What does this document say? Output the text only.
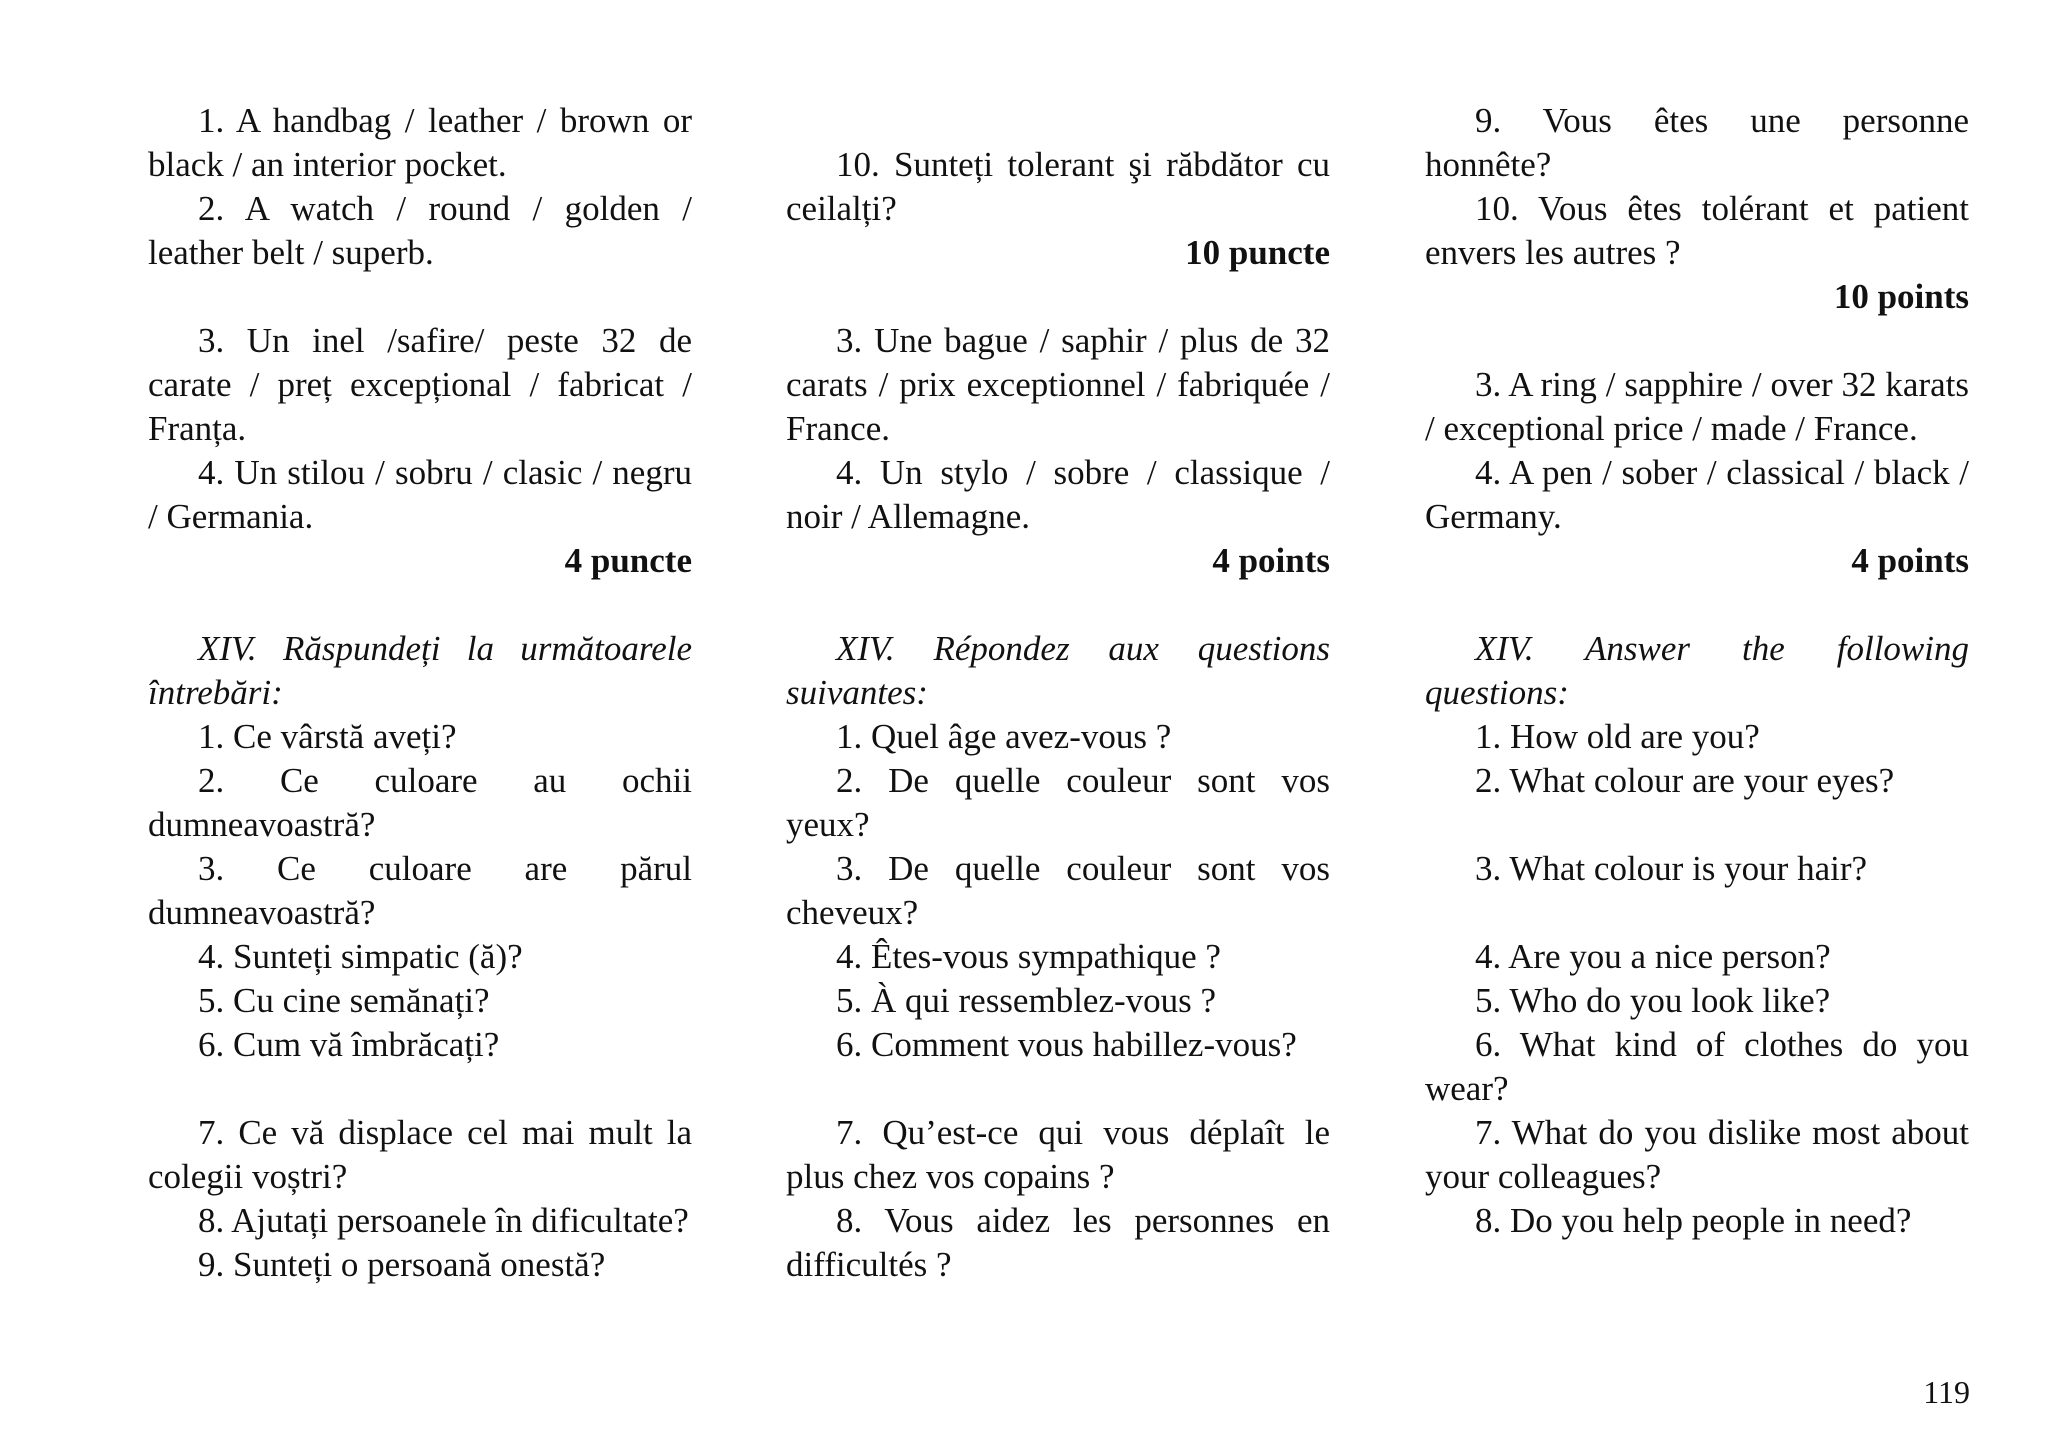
1. A handbag / leather / brown or black / an interior pocket.

2. A watch / round / golden / leather belt / superb.

3. Un inel /safire/ peste 32 de carate / preț excepțional / fabricat / Franța.

4. Un stilou / sobru / clasic / negru / Germania.

4 puncte

XIV. Răspundeți la următoarele întrebări:

1. Ce vârstă aveți?

2. Ce culoare au ochii dumneavoastră?

3. Ce culoare are părul dumneavoastră?

4. Sunteți simpatic (ă)?

5. Cu cine semănați?

6. Cum vă îmbrăcați?

7. Ce vă displace cel mai mult la colegii voștri?

8. Ajutați persoanele în dificultate?

9. Sunteți o persoană onestă?

10. Sunteți tolerant şi răbdător cu ceilalți?

10 puncte

3. Une bague / saphir / plus de 32 carats / prix exceptionnel / fabriquée / France.

4. Un stylo / sobre / classique / noir / Allemagne.

4 points

XIV. Répondez aux questions suivantes:

1. Quel âge avez-vous ?

2. De quelle couleur sont vos yeux?

3. De quelle couleur sont vos cheveux?

4. Êtes-vous sympathique ?

5. À qui ressemblez-vous ?

6. Comment vous habillez-vous?

7. Qu’est-ce qui vous déplaît le plus chez vos copains ?

8. Vous aidez les personnes en difficultés ?

9. Vous êtes une personne honnête?

10. Vous êtes tolérant et patient envers les autres ?

10 points

3. A ring / sapphire / over 32 karats / exceptional price / made / France.

4. A pen / sober / classical / black / Germany.

4 points

XIV. Answer the following questions:

1. How old are you?

2. What colour are your eyes?

3. What colour is your hair?

4. Are you a nice person?

5. Who do you look like?

6. What kind of clothes do you wear?

7. What do you dislike most about your colleagues?

8. Do you help people in need?

119
